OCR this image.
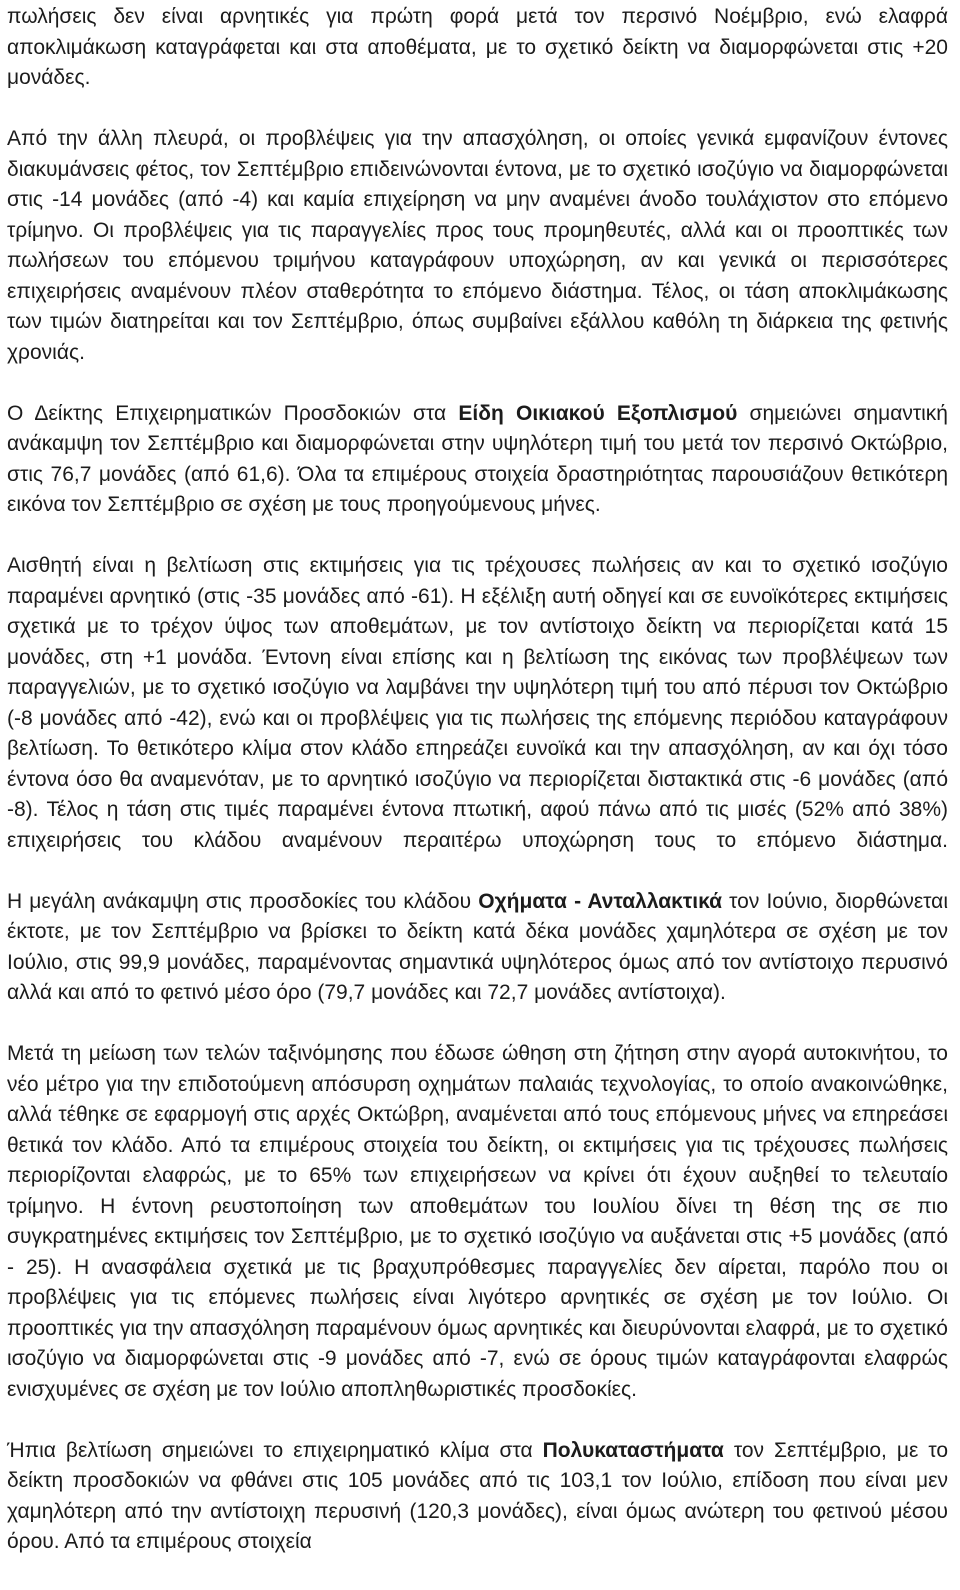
πωλήσεις δεν είναι αρνητικές για πρώτη φορά μετά τον περσινό Νοέμβριο, ενώ ελαφρά αποκλιμάκωση καταγράφεται και στα αποθέματα, με το σχετικό δείκτη να διαμορφώνεται στις +20 μονάδες.

Από την άλλη πλευρά, οι προβλέψεις για την απασχόληση, οι οποίες γενικά εμφανίζουν έντονες διακυμάνσεις φέτος, τον Σεπτέμβριο επιδεινώνονται έντονα, με το σχετικό ισοζύγιο να διαμορφώνεται στις -14 μονάδες (από -4) και καμία επιχείρηση να μην αναμένει άνοδο τουλάχιστον στο επόμενο τρίμηνο. Οι προβλέψεις για τις παραγγελίες προς τους προμηθευτές, αλλά και οι προοπτικές των πωλήσεων του επόμενου τριμήνου καταγράφουν υποχώρηση, αν και γενικά οι περισσότερες επιχειρήσεις αναμένουν πλέον σταθερότητα το επόμενο διάστημα. Τέλος, οι τάση αποκλιμάκωσης των τιμών διατηρείται και τον Σεπτέμβριο, όπως συμβαίνει εξάλλου καθόλη τη διάρκεια της φετινής χρονιάς.

Ο Δείκτης Επιχειρηματικών Προσδοκιών στα Είδη Οικιακού Εξοπλισμού σημειώνει σημαντική ανάκαμψη τον Σεπτέμβριο και διαμορφώνεται στην υψηλότερη τιμή του μετά τον περσινό Οκτώβριο, στις 76,7 μονάδες (από 61,6). Όλα τα επιμέρους στοιχεία δραστηριότητας παρουσιάζουν θετικότερη εικόνα τον Σεπτέμβριο σε σχέση με τους προηγούμενους μήνες.

Αισθητή είναι η βελτίωση στις εκτιμήσεις για τις τρέχουσες πωλήσεις αν και το σχετικό ισοζύγιο παραμένει αρνητικό (στις -35 μονάδες από -61). Η εξέλιξη αυτή οδηγεί και σε ευνοϊκότερες εκτιμήσεις σχετικά με το τρέχον ύψος των αποθεμάτων, με τον αντίστοιχο δείκτη να περιορίζεται κατά 15 μονάδες, στη +1 μονάδα. Έντονη είναι επίσης και η βελτίωση της εικόνας των προβλέψεων των παραγγελιών, με το σχετικό ισοζύγιο να λαμβάνει την υψηλότερη τιμή του από πέρυσι τον Οκτώβριο (-8 μονάδες από -42), ενώ και οι προβλέψεις για τις πωλήσεις της επόμενης περιόδου καταγράφουν βελτίωση. Το θετικότερο κλίμα στον κλάδο επηρεάζει ευνοϊκά και την απασχόληση, αν και όχι τόσο έντονα όσο θα αναμενόταν, με το αρνητικό ισοζύγιο να περιορίζεται διστακτικά στις -6 μονάδες (από -8). Τέλος η τάση στις τιμές παραμένει έντονα πτωτική, αφού πάνω από τις μισές (52% από 38%) επιχειρήσεις του κλάδου αναμένουν περαιτέρω υποχώρηση τους το επόμενο διάστημα.

Η μεγάλη ανάκαμψη στις προσδοκίες του κλάδου Οχήματα - Ανταλλακτικά τον Ιούνιο, διορθώνεται έκτοτε, με τον Σεπτέμβριο να βρίσκει το δείκτη κατά δέκα μονάδες χαμηλότερα σε σχέση με τον Ιούλιο, στις 99,9 μονάδες, παραμένοντας σημαντικά υψηλότερος όμως από τον αντίστοιχο περυσινό αλλά και από το φετινό μέσο όρο (79,7 μονάδες και 72,7 μονάδες αντίστοιχα).

Μετά τη μείωση των τελών ταξινόμησης που έδωσε ώθηση στη ζήτηση στην αγορά αυτοκινήτου, το νέο μέτρο για την επιδοτούμενη απόσυρση οχημάτων παλαιάς τεχνολογίας, το οποίο ανακοινώθηκε, αλλά τέθηκε σε εφαρμογή στις αρχές Οκτώβρη, αναμένεται από τους επόμενους μήνες να επηρεάσει θετικά τον κλάδο. Από τα επιμέρους στοιχεία του δείκτη, οι εκτιμήσεις για τις τρέχουσες πωλήσεις περιορίζονται ελαφρώς, με το 65% των επιχειρήσεων να κρίνει ότι έχουν αυξηθεί το τελευταίο τρίμηνο. Η έντονη ρευστοποίηση των αποθεμάτων του Ιουλίου δίνει τη θέση της σε πιο συγκρατημένες εκτιμήσεις τον Σεπτέμβριο, με το σχετικό ισοζύγιο να αυξάνεται στις +5 μονάδες (από - 25). Η ανασφάλεια σχετικά με τις βραχυπρόθεσμες παραγγελίες δεν αίρεται, παρόλο που οι προβλέψεις για τις επόμενες πωλήσεις είναι λιγότερο αρνητικές σε σχέση με τον Ιούλιο. Οι προοπτικές για την απασχόληση παραμένουν όμως αρνητικές και διευρύνονται ελαφρά, με το σχετικό ισοζύγιο να διαμορφώνεται στις -9 μονάδες από -7, ενώ σε όρους τιμών καταγράφονται ελαφρώς ενισχυμένες σε σχέση με τον Ιούλιο αποπληθωριστικές προσδοκίες.

Ήπια βελτίωση σημειώνει το επιχειρηματικό κλίμα στα Πολυκαταστήματα τον Σεπτέμβριο, με το δείκτη προσδοκιών να φθάνει στις 105 μονάδες από τις 103,1 τον Ιούλιο, επίδοση που είναι μεν χαμηλότερη από την αντίστοιχη περυσινή (120,3 μονάδες), είναι όμως ανώτερη του φετινού μέσου όρου. Από τα επιμέρους στοιχεία
